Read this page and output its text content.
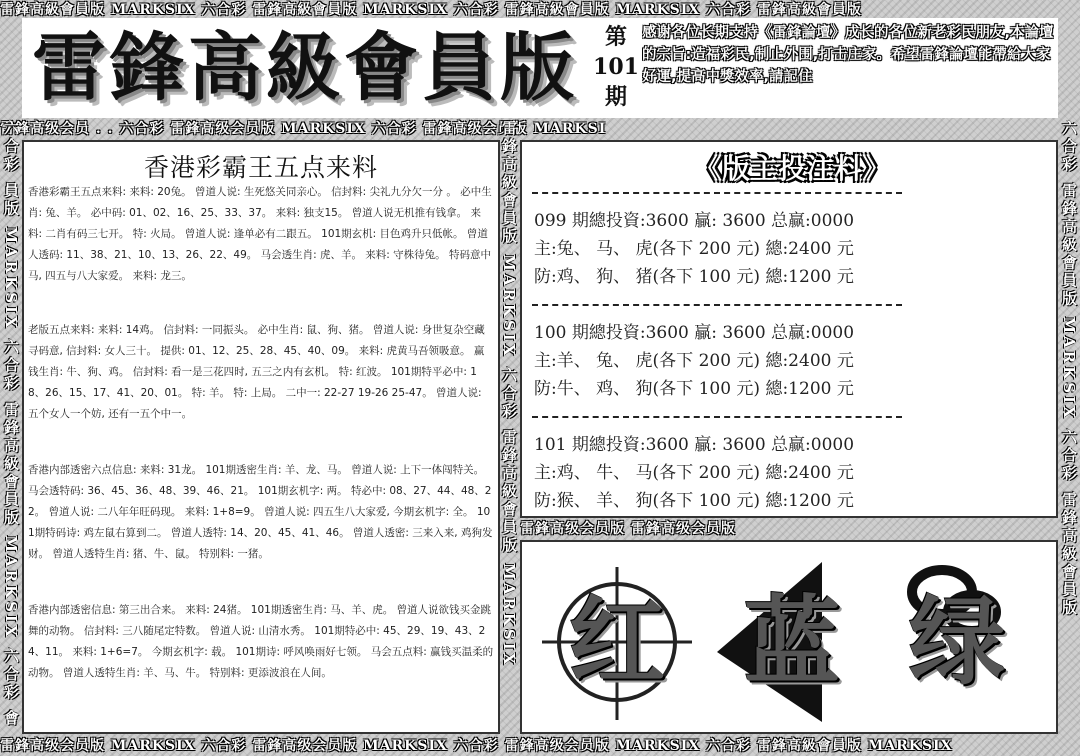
雷鋒高級會員版 MARKSIX 六合彩 雷鋒高級會員版 MARKSIX 六合彩 雷鋒高級會員版 MARKSIX 六合彩 雷鋒高級會員版
雷鋒高級會員版	第
101
期
感谢各位长期支持《雷鋒論壇》成长的各位新老彩民朋友,本論壇的宗旨:造福彩民,制止外围,打击庄家。希望雷鋒論壇能帶給大家好運,提高中獎效率,請記住
雷鋒高级会员 . . 六合彩 雷鋒高级会员版 MARKSIX 六合彩 雷鋒高级会员版 MARKSI
六合彩 員版 MARKSIX 六合彩 雷鋒高級會員版 MARKSIX 六合彩 會
雷鋒高級會員版 MARKSIX 六合彩 雷鋒高級會員版 MARKSIX	六合彩 雷鋒高級會員版 MARKSIX 六合彩 雷鋒高級會員版
香港彩霸王五点来料
香港彩霸王五点来料: 来料: 20兔。 曾道人说: 生死悠关同亲心。 信封料: 尖礼九分欠一分 。 必中生肖: 兔、羊。 必中码: 01、02、16、25、33、37。 来料: 独支15。 曾道人说无机推有钱拿。 来料: 二肖有码三七开。 特: 火局。 曾道人说: 逢单必有二跟五。 101期玄机: 目色鸡升只低帐。 曾道人透码: 11、38、21、10、13、26、22、49。 马会透生肖: 虎、羊。 来料: 守株待兔。 特码意中马, 四五与八大家爱。 来料: 龙三。
老版五点来料: 来料: 14鸡。 信封料: 一同振头。 必中生肖: 鼠、狗、猪。 曾道人说: 身世复杂空藏寻码意, 信封料: 女人三十。 提供: 01、12、25、28、45、40、09。 来料: 虎黄马吾领吸意。 赢钱生肖: 牛、狗、鸡。 信封料: 看一是三花四时, 五三之内有玄机。 特: 红波。 101期特平必中: 18、26、15、17、41、20、01。 特: 羊。 特: 上局。 二中一: 22-27 19-26 25-47。 曾道人说: 五个女人一个妨, 还有一五个中一。
香港内部透密六点信息: 来料: 31龙。 101期透密生肖: 羊、龙、马。 曾道人说: 上下一体闯特关。 马会透特码: 36、45、36、48、39、46、21。 101期玄机字: 两。 特必中: 08、27、44、48、22。 曾道人说: 二八年年旺码现。 来料: 1+8=9。 曾道人说: 四五生八大家爱, 今期玄机字: 全。 101期特码诗: 鸡左鼠右算到二。 曾道人透特: 14、20、45、41、46。 曾道人透密: 三来入来, 鸡狗发财。 曾道人透特生肖: 猪、牛、鼠。 特别料: 一猪。
香港内部透密信息: 第三出合来。 来料: 24猪。 101期透密生肖: 马、羊、虎。 曾道人说欲钱买金跳舞的动物。 信封料: 三八随尾定特数。 曾道人说: 山清水秀。 101期特必中: 45、29、19、43、24、11。 来料: 1+6=7。 今期玄机字: 载。 101期诗: 呼风唤雨好七领。 马会五点料: 赢钱买温柔的动物。 曾道人透特生肖: 羊、马、牛。 特别料: 更添波浪在人间。
《版主投注料》
099 期總投資:3600 贏: 3600 总赢:0000
主:兔、 马、 虎(各下 200 元) 總:2400 元
防:鸡、 狗、 猪(各下 100 元) 總:1200 元
100 期總投資:3600 贏: 3600 总赢:0000
主:羊、 兔、 虎(各下 200 元) 總:2400 元
防:牛、 鸡、 狗(各下 100 元) 總:1200 元
101 期總投資:3600 贏: 3600 总赢:0000
主:鸡、 牛、 马(各下 200 元) 總:2400 元
防:猴、 羊、 狗(各下 100 元) 總:1200 元
雷鋒高级会员版 雷鋒高级会员版
红 蓝 绿
雷鋒高级会员版 MARKSIX 六合彩 雷鋒高级会员版 MARKSIX 六合彩 雷鋒高级会员版 MARKSIX 六合彩 雷鋒高級會員版 MARKSIX
